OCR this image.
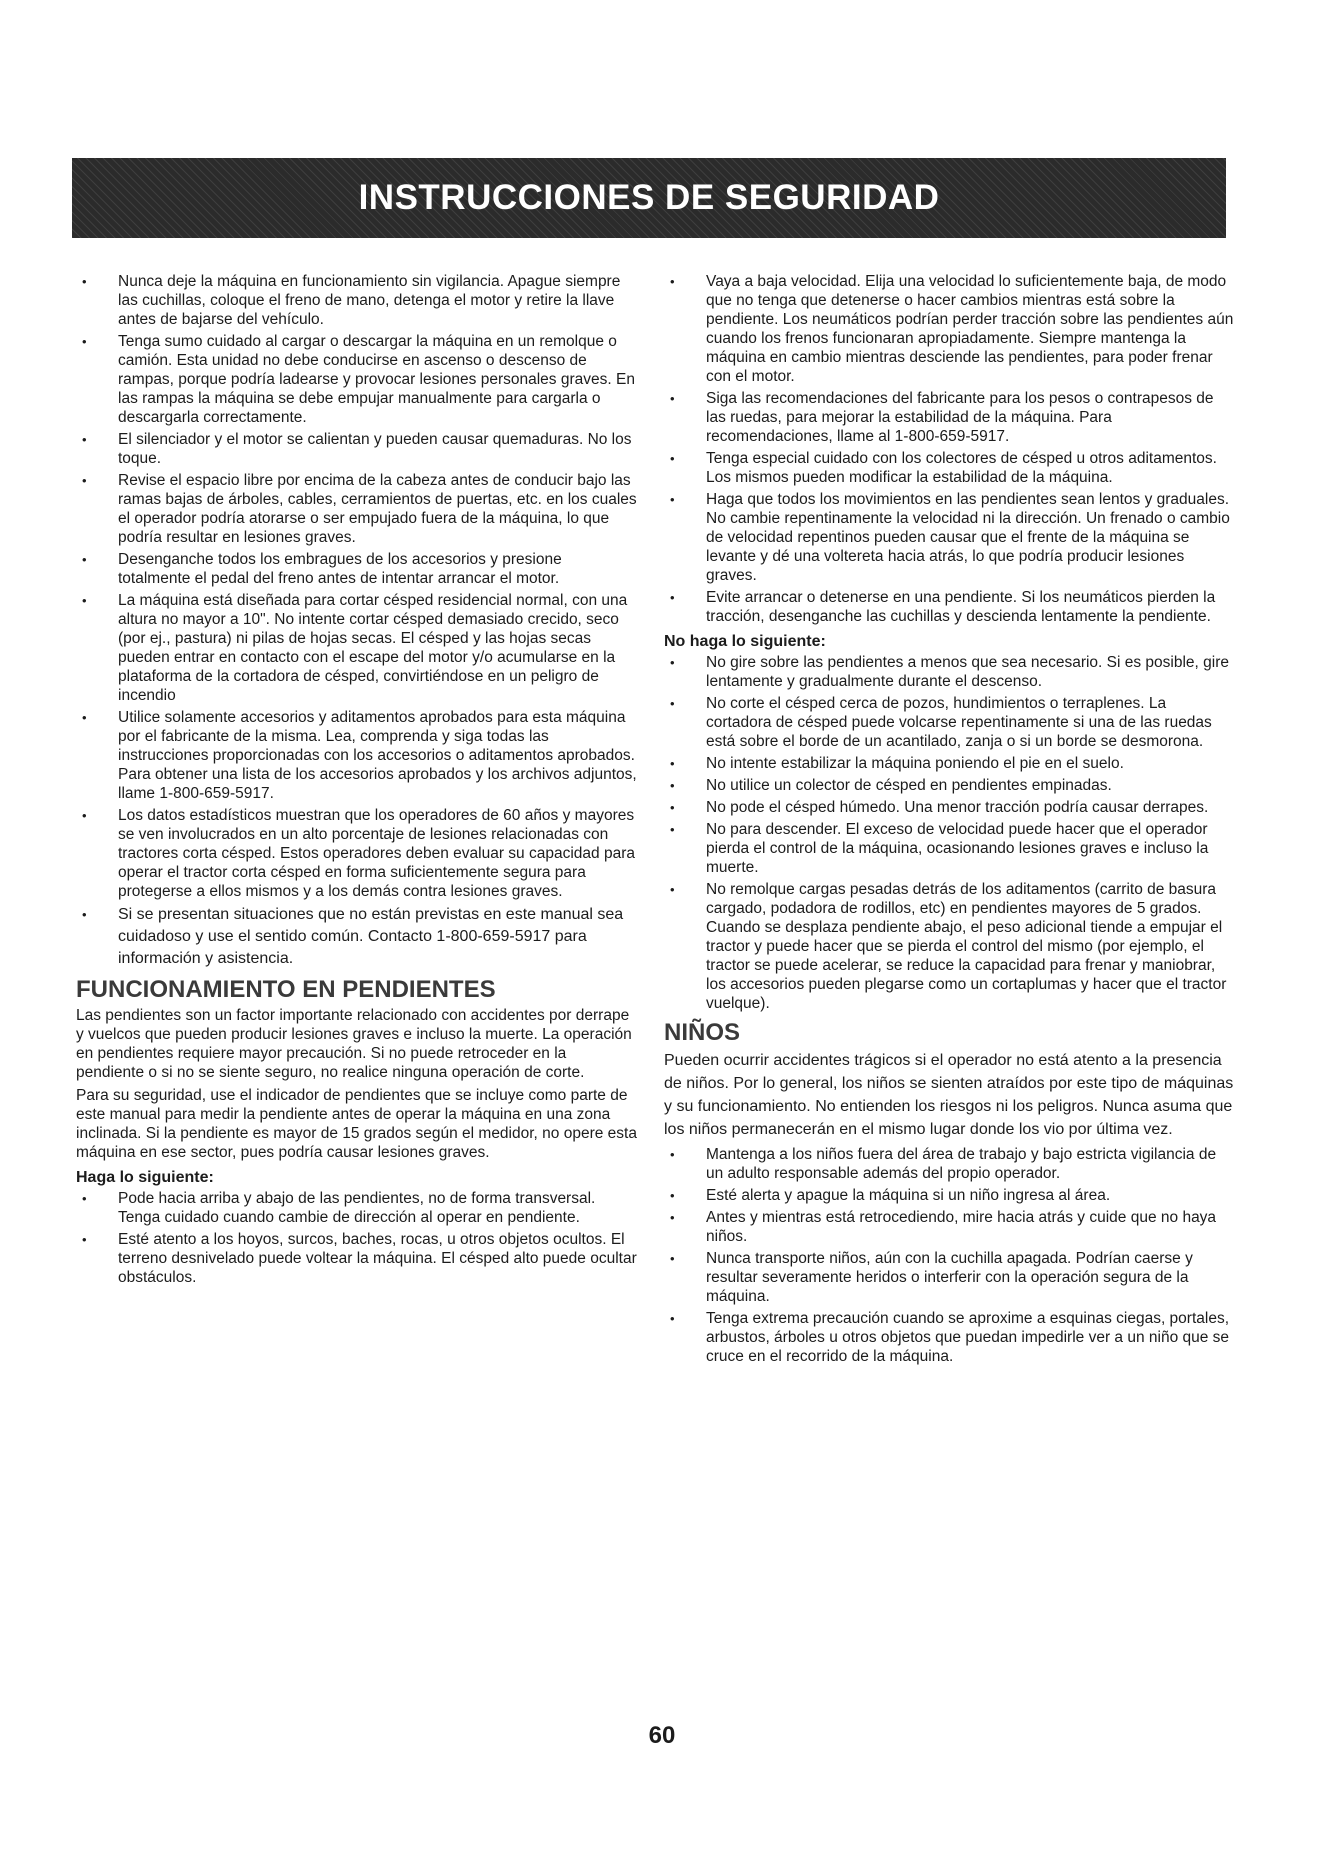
INSTRUCCIONES DE SEGURIDAD
• Nunca deje la máquina en funcionamiento sin vigilancia. Apague siempre las cuchillas, coloque el freno de mano, detenga el motor y retire la llave antes de bajarse del vehículo.
• Tenga sumo cuidado al cargar o descargar la máquina en un remolque o camión. Esta unidad no debe conducirse en ascenso o descenso de rampas, porque podría ladearse y provocar lesiones personales graves. En las rampas la máquina se debe empujar manualmente para cargarla o descargarla correctamente.
• El silenciador y el motor se calientan y pueden causar quemaduras. No los toque.
• Revise el espacio libre por encima de la cabeza antes de conducir bajo las ramas bajas de árboles, cables, cerramientos de puertas, etc. en los cuales el operador podría atorarse o ser empujado fuera de la máquina, lo que podría resultar en lesiones graves.
• Desenganche todos los embragues de los accesorios y presione totalmente el pedal del freno antes de intentar arrancar el motor.
• La máquina está diseñada para cortar césped residencial normal, con una altura no mayor a 10". No intente cortar césped demasiado crecido, seco (por ej., pastura) ni pilas de hojas secas. El césped y las hojas secas pueden entrar en contacto con el escape del motor y/o acumularse en la plataforma de la cortadora de césped, convirtiéndose en un peligro de incendio
• Utilice solamente accesorios y aditamentos aprobados para esta máquina por el fabricante de la misma. Lea, comprenda y siga todas las instrucciones proporcionadas con los accesorios o aditamentos aprobados. Para obtener una lista de los accesorios aprobados y los archivos adjuntos, llame 1-800-659-5917.
• Los datos estadísticos muestran que los operadores de 60 años y mayores se ven involucrados en un alto porcentaje de lesiones relacionadas con tractores corta césped. Estos operadores deben evaluar su capacidad para operar el tractor corta césped en forma suficientemente segura para protegerse a ellos mismos y a los demás contra lesiones graves.
• Si se presentan situaciones que no están previstas en este manual sea cuidadoso y use el sentido común. Contacto 1-800-659-5917 para información y asistencia.
FUNCIONAMIENTO EN PENDIENTES

Las pendientes son un factor importante relacionado con accidentes por derrape y vuelcos que pueden producir lesiones graves e incluso la muerte. La operación en pendientes requiere mayor precaución. Si no puede retroceder en la pendiente o si no se siente seguro, no realice ninguna operación de corte.

Para su seguridad, use el indicador de pendientes que se incluye como parte de este manual para medir la pendiente antes de operar la máquina en una zona inclinada. Si la pendiente es mayor de 15 grados según el medidor, no opere esta máquina en ese sector, pues podría causar lesiones graves.

Haga lo siguiente:
• Pode hacia arriba y abajo de las pendientes, no de forma transversal. Tenga cuidado cuando cambie de dirección al operar en pendiente.
• Esté atento a los hoyos, surcos, baches, rocas, u otros objetos ocultos. El terreno desnivelado puede voltear la máquina. El césped alto puede ocultar obstáculos.
• Vaya a baja velocidad. Elija una velocidad lo suficientemente baja, de modo que no tenga que detenerse o hacer cambios mientras está sobre la pendiente. Los neumáticos podrían perder tracción sobre las pendientes aún cuando los frenos funcionaran apropiadamente. Siempre mantenga la máquina en cambio mientras desciende las pendientes, para poder frenar con el motor.
• Siga las recomendaciones del fabricante para los pesos o contrapesos de las ruedas, para mejorar la estabilidad de la máquina. Para recomendaciones, llame al 1-800-659-5917.
• Tenga especial cuidado con los colectores de césped u otros aditamentos. Los mismos pueden modificar la estabilidad de la máquina.
• Haga que todos los movimientos en las pendientes sean lentos y graduales. No cambie repentinamente la velocidad ni la dirección. Un frenado o cambio de velocidad repentinos pueden causar que el frente de la máquina se levante y dé una voltereta hacia atrás, lo que podría producir lesiones graves.
• Evite arrancar o detenerse en una pendiente. Si los neumáticos pierden la tracción, desenganche las cuchillas y descienda lentamente la pendiente.
No haga lo siguiente:
• No gire sobre las pendientes a menos que sea necesario. Si es posible, gire lentamente y gradualmente durante el descenso.
• No corte el césped cerca de pozos, hundimientos o terraplenes. La cortadora de césped puede volcarse repentinamente si una de las ruedas está sobre el borde de un acantilado, zanja o si un borde se desmorona.
• No intente estabilizar la máquina poniendo el pie en el suelo.
• No utilice un colector de césped en pendientes empinadas.
• No pode el césped húmedo. Una menor tracción podría causar derrapes.
• No para descender. El exceso de velocidad puede hacer que el operador pierda el control de la máquina, ocasionando lesiones graves e incluso la muerte.
• No remolque cargas pesadas detrás de los aditamentos (carrito de basura cargado, podadora de rodillos, etc) en pendientes mayores de 5 grados. Cuando se desplaza pendiente abajo, el peso adicional tiende a empujar el tractor y puede hacer que se pierda el control del mismo (por ejemplo, el tractor se puede acelerar, se reduce la capacidad para frenar y maniobrar, los accesorios pueden plegarse como un cortaplumas y hacer que el tractor vuelque).
NIÑOS

Pueden ocurrir accidentes trágicos si el operador no está atento a la presencia de niños. Por lo general, los niños se sienten atraídos por este tipo de máquinas y su funcionamiento. No entienden los riesgos ni los peligros. Nunca asuma que los niños permanecerán en el mismo lugar donde los vio por última vez.

• Mantenga a los niños fuera del área de trabajo y bajo estricta vigilancia de un adulto responsable además del propio operador.
• Esté alerta y apague la máquina si un niño ingresa al área.
• Antes y mientras está retrocediendo, mire hacia atrás y cuide que no haya niños.
• Nunca transporte niños, aún con la cuchilla apagada. Podrían caerse y resultar severamente heridos o interferir con la operación segura de la máquina.
• Tenga extrema precaución cuando se aproxime a esquinas ciegas, portales, arbustos, árboles u otros objetos que puedan impedirle ver a un niño que se cruce en el recorrido de la máquina.
60
